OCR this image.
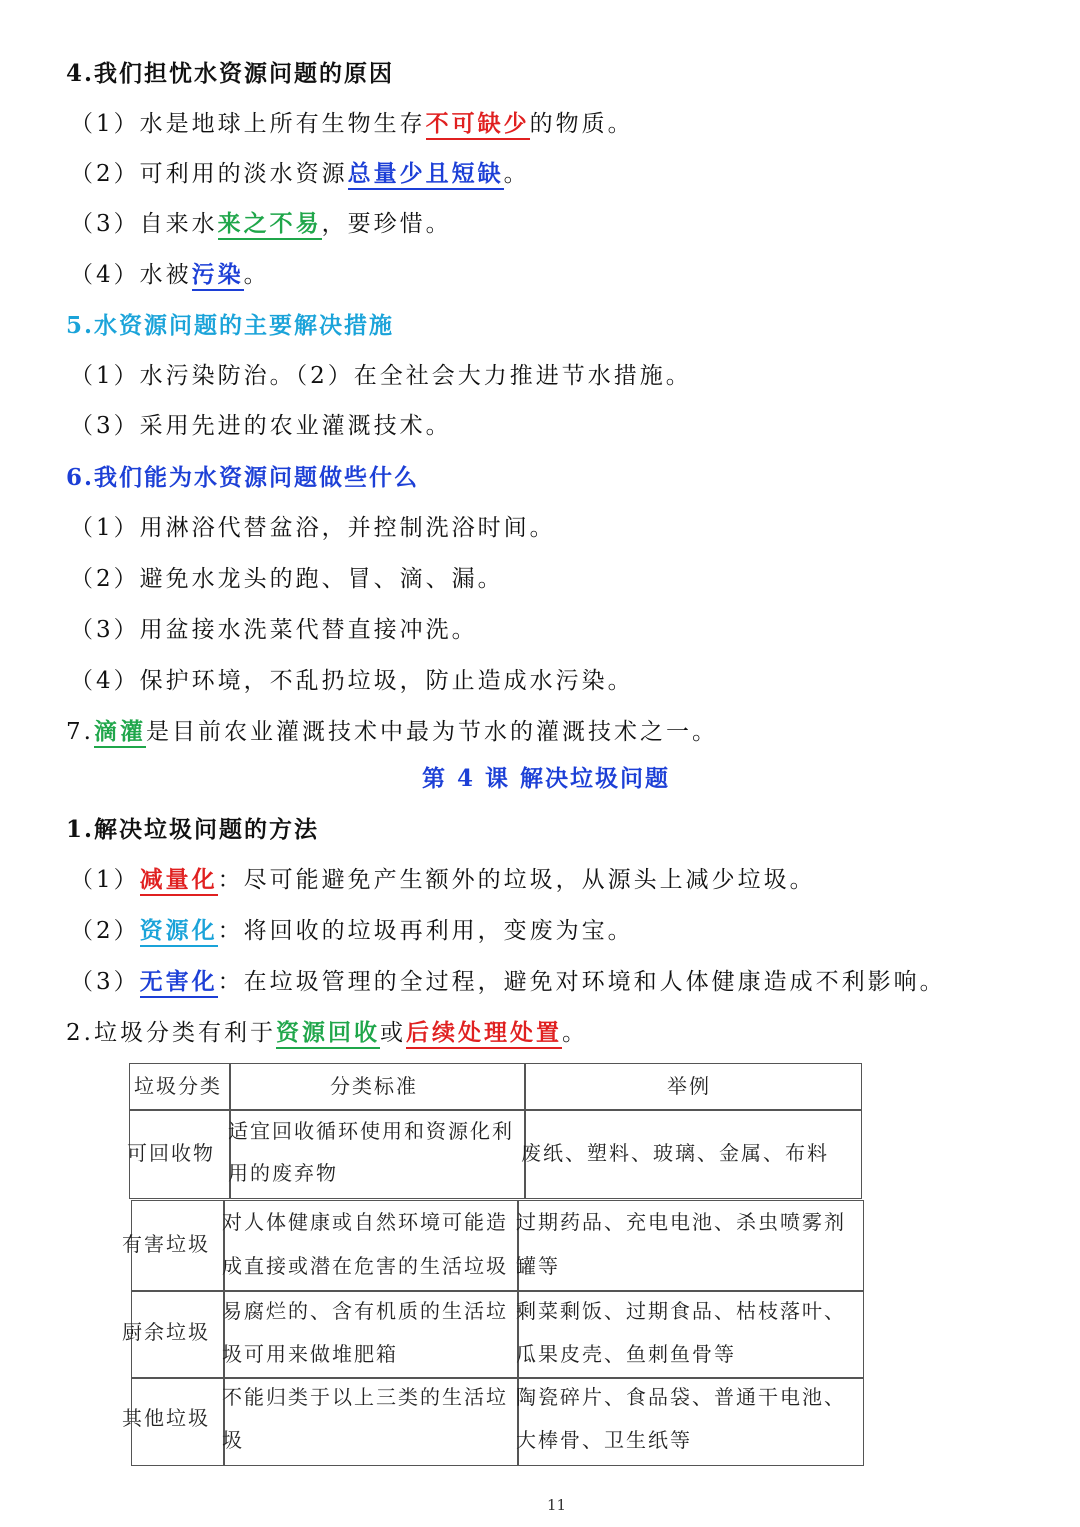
4.我们担忧水资源问题的原因
（1）水是地球上所有生物生存不可缺少的物质。
（2）可利用的淡水资源总量少且短缺。
（3）自来水来之不易，要珍惜。
（4）水被污染。
5.水资源问题的主要解决措施
（1）水污染防治。（2）在全社会大力推进节水措施。
（3）采用先进的农业灌溉技术。
6.我们能为水资源问题做些什么
（1）用淋浴代替盆浴，并控制洗浴时间。
（2）避免水龙头的跑、冒、滴、漏。
（3）用盆接水洗菜代替直接冲洗。
（4）保护环境，不乱扔垃圾，防止造成水污染。
7.滴灌是目前农业灌溉技术中最为节水的灌溉技术之一。
第 4 课 解决垃圾问题
1.解决垃圾问题的方法
（1）减量化：尽可能避免产生额外的垃圾，从源头上减少垃圾。
（2）资源化：将回收的垃圾再利用，变废为宝。
（3）无害化：在垃圾管理的全过程，避免对环境和人体健康造成不利影响。
2.垃圾分类有利于资源回收或后续处理处置。
垃圾分类	分类标准	举例
可回收物
适宜回收循环使用和资源化利
用的废弃物
废纸、塑料、玻璃、金属、布料
有害垃圾
对人体健康或自然环境可能造
成直接或潜在危害的生活垃圾
过期药品、充电电池、杀虫喷雾剂
罐等
厨余垃圾
易腐烂的、含有机质的生活垃
圾可用来做堆肥箱
剩菜剩饭、过期食品、枯枝落叶、
瓜果皮壳、鱼刺鱼骨等
其他垃圾
不能归类于以上三类的生活垃
圾
陶瓷碎片、食品袋、普通干电池、
大棒骨、卫生纸等
11
